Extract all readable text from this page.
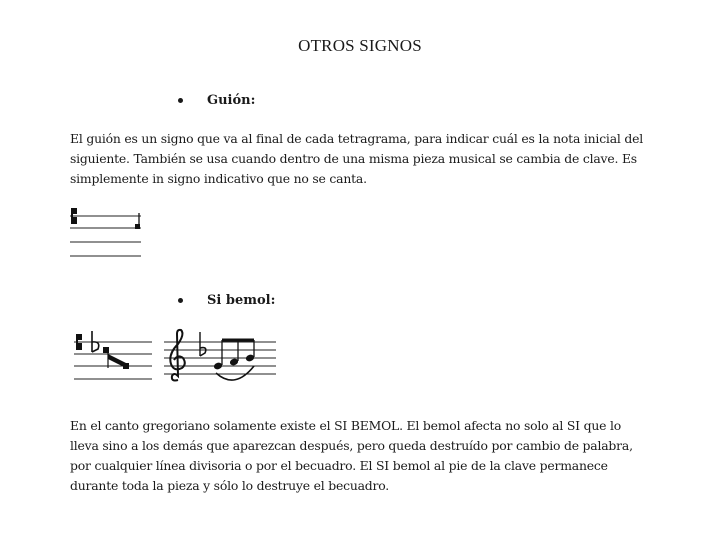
OTROS SIGNOS
Guión:
El guión es un signo que va al final de cada tetragrama, para indicar cuál es la nota inicial del siguiente. También se usa cuando dentro de una misma pieza musical se cambia de clave. Es simplemente in signo indicativo que no se canta.
Si bemol:
En el canto gregoriano solamente existe el SI BEMOL. El bemol afecta no solo al SI que lo lleva sino a los demás que aparezcan después, pero queda destruído por cambio de palabra, por cualquier línea divisoria o por el becuadro. El SI bemol al pie de la clave permanece durante toda la pieza y sólo lo destruye el becuadro.
